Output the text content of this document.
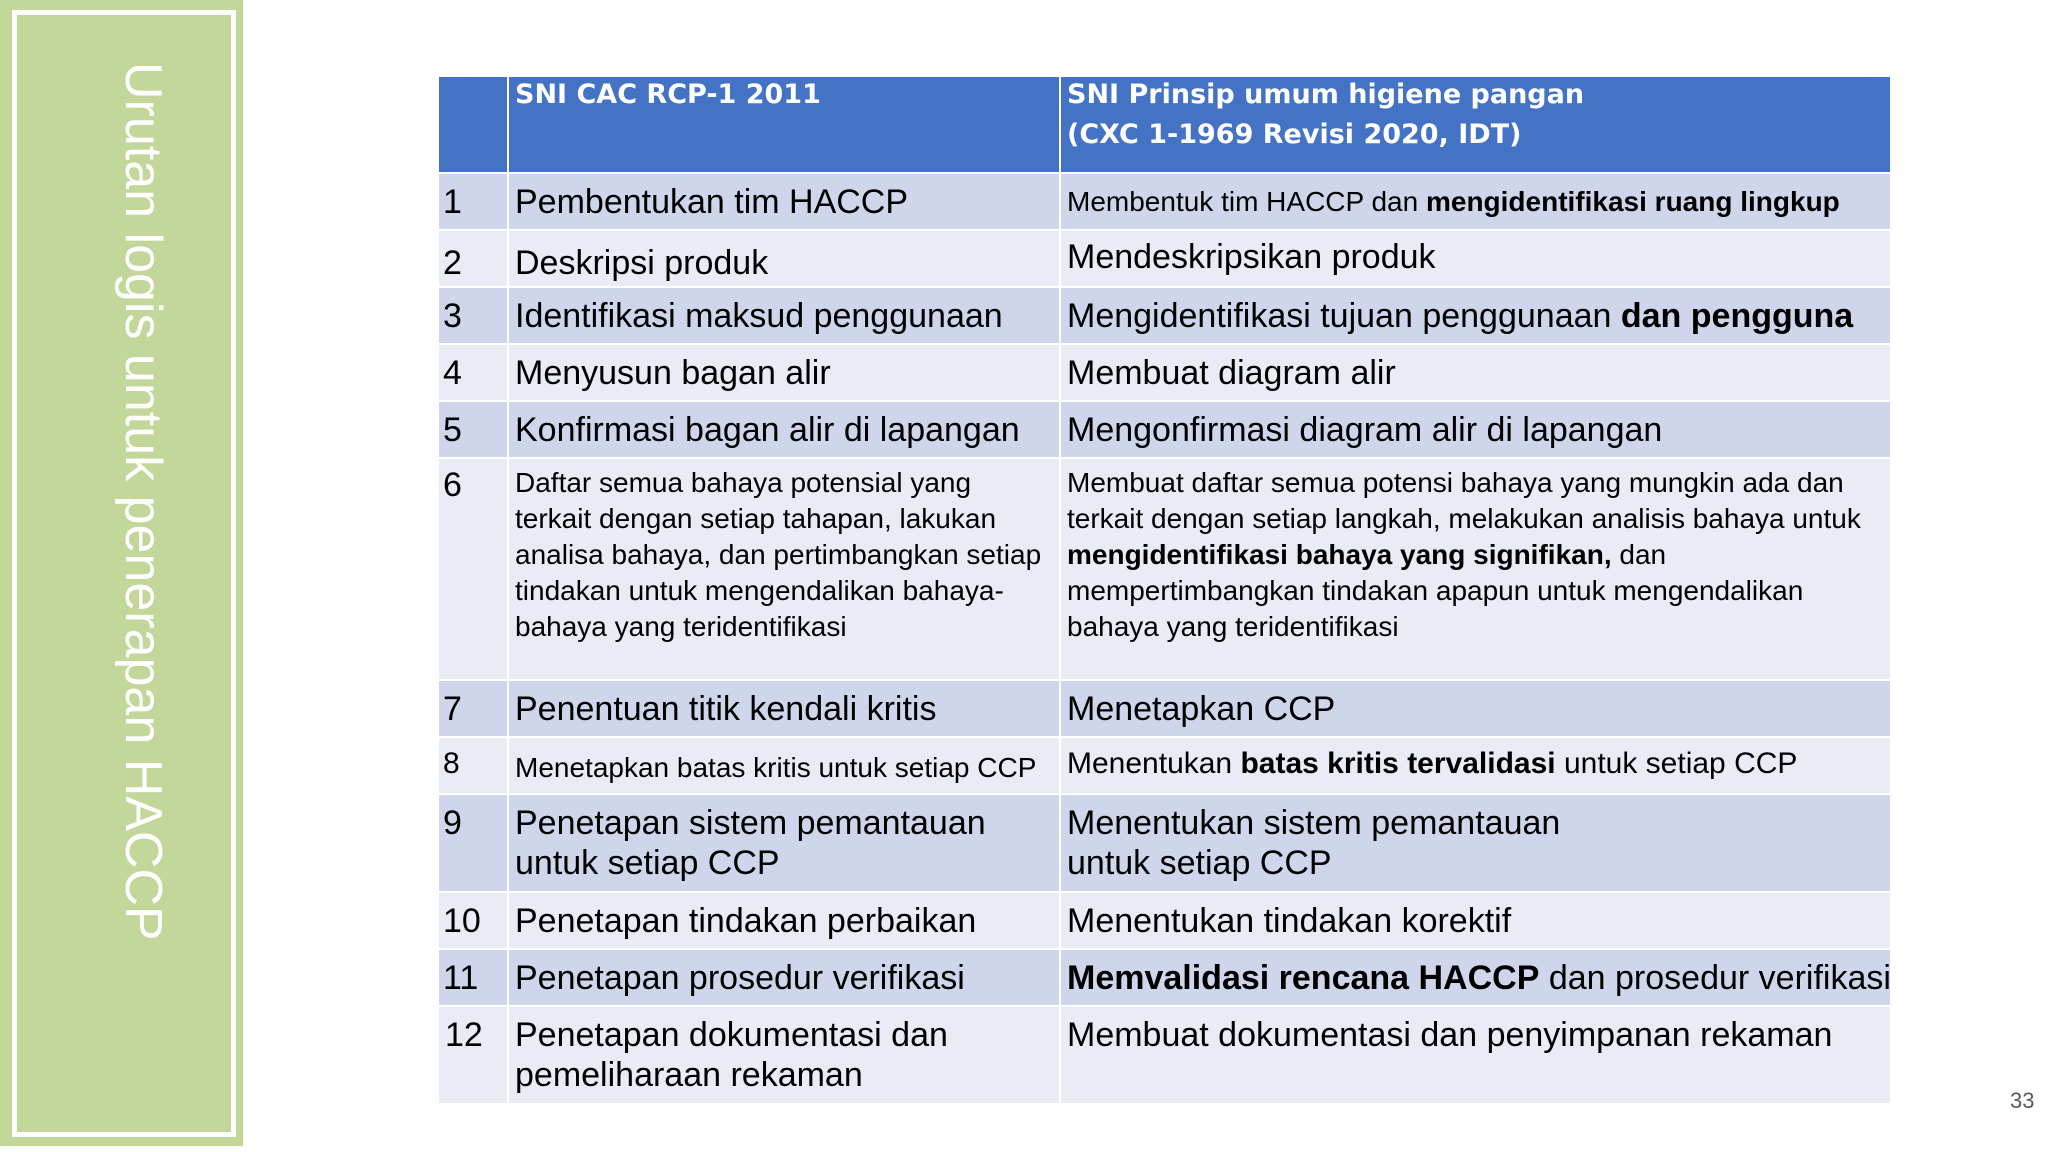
Urutan logis untuk penerapan HACCP

	SNI CAC RCP-1 2011	SNI Prinsip umum higiene pangan
(CXC 1-1969 Revisi 2020, IDT)

1	Pembentukan tim HACCP	Membentuk tim HACCP dan mengidentifikasi ruang lingkup
2	Deskripsi produk	Mendeskripsikan produk
3	Identifikasi maksud penggunaan	Mengidentifikasi tujuan penggunaan dan pengguna
4	Menyusun bagan alir	Membuat diagram alir
5	Konfirmasi bagan alir di lapangan	Mengonfirmasi diagram alir di lapangan
6	Daftar semua bahaya potensial yang terkait dengan setiap tahapan, lakukan analisa bahaya, dan pertimbangkan setiap tindakan untuk mengendalikan bahaya-bahaya yang teridentifikasi	Membuat daftar semua potensi bahaya yang mungkin ada dan terkait dengan setiap langkah, melakukan analisis bahaya untuk mengidentifikasi bahaya yang signifikan, dan mempertimbangkan tindakan apapun untuk mengendalikan bahaya yang teridentifikasi
7	Penentuan titik kendali kritis	Menetapkan CCP
8	Menetapkan batas kritis untuk setiap CCP	Menentukan batas kritis tervalidasi untuk setiap CCP
9	Penetapan sistem pemantauan untuk setiap CCP	Menentukan sistem pemantauan untuk setiap CCP
10	Penetapan tindakan perbaikan	Menentukan tindakan korektif
11	Penetapan prosedur verifikasi	Memvalidasi rencana HACCP dan prosedur verifikasi
12	Penetapan dokumentasi dan pemeliharaan rekaman	Membuat dokumentasi dan penyimpanan rekaman
33
